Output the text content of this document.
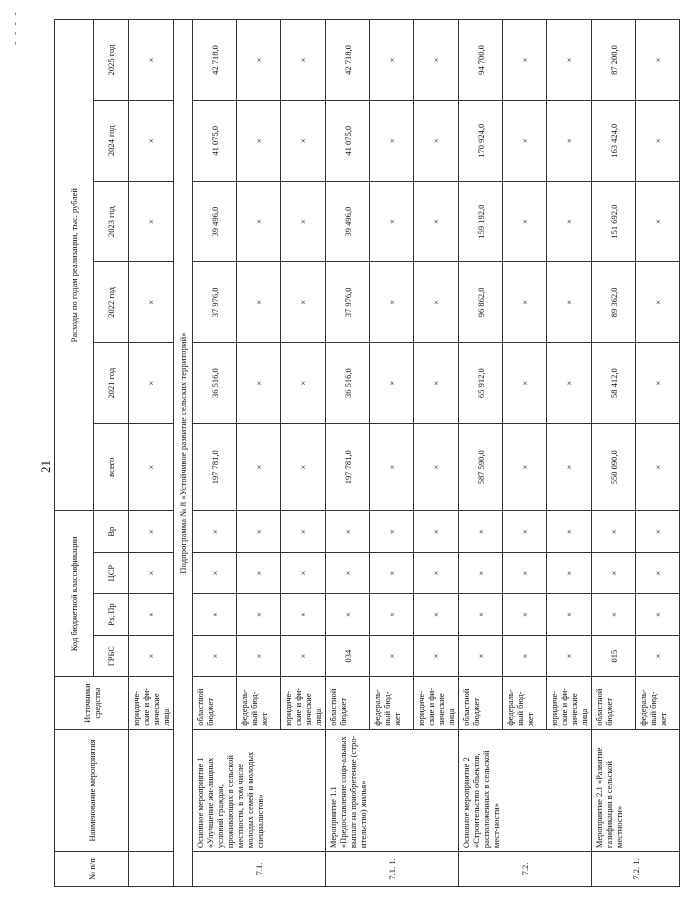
- - - -
21
№ п/п	Наименование мероприятия	Источники средства	Код бюджетной классификации				Расходы по годам реализации, тыс. рублей					
			ГРБС	Рз, Пр	ЦСР	Вр	всего	2021 год	2022 год	2023 год	2024 год	2025 год
		юридиче-ские и фи-зические лица	×	×	×	×	×	×	×	×	×	×
Подпрограмма № 8 «Устойчивое развитие сельских территорий»												
7.1.	Основное мероприятие 1 «Улучшение жи-лищных условий граждан, проживающих в сельской местности, в том числе молодых семей и молодых специалистов»	областной бюджет	×	×	×	×	197 781,0	36 516,0	37 976,0	39 496,0	41 075,0	42 718,0
		федераль-ный бюд-жет	×	×	×	×	×	×	×	×	×	×
		юридиче-ские и фи-зические лица	×	×	×	×	×	×	×	×	×	×
7.1. 1.	Мероприятие 1.1 «Предоставление соци-альных выплат на приобретение (стро-ительство) жилья»	областной бюджет	034	×	×	×	197 781,0	36 516,0	37 976,0	39 496,0	41 075,0	42 718,0
		федераль-ный бюд-жет	×	×	×	×	×	×	×	×	×	×
		юридиче-ские и фи-зические лица	×	×	×	×	×	×	×	×	×	×
7.2.	Основное мероприятие 2 «Строительство объектов, расположенных в сельской мест-ности»	областной бюджет	×	×	×	×	587 590,0	65 912,0	96 862,0	159 192,0	170 924,0	94 700,0
		федераль-ный бюд-жет	×	×	×	×	×	×	×	×	×	×
		юридиче-ские и фи-зические лица	×	×	×	×	×	×	×	×	×	×
7.2. 1.	Мероприятие 2.1 «Развитие газификации в сельской местности»	областной бюджет	015	×	×	×	550 090,0	58 412,0	89 362,0	151 692,0	163 424,0	87 200,0
		федераль-ный бюд-жет	×	×	×	×	×	×	×	×	×	×
